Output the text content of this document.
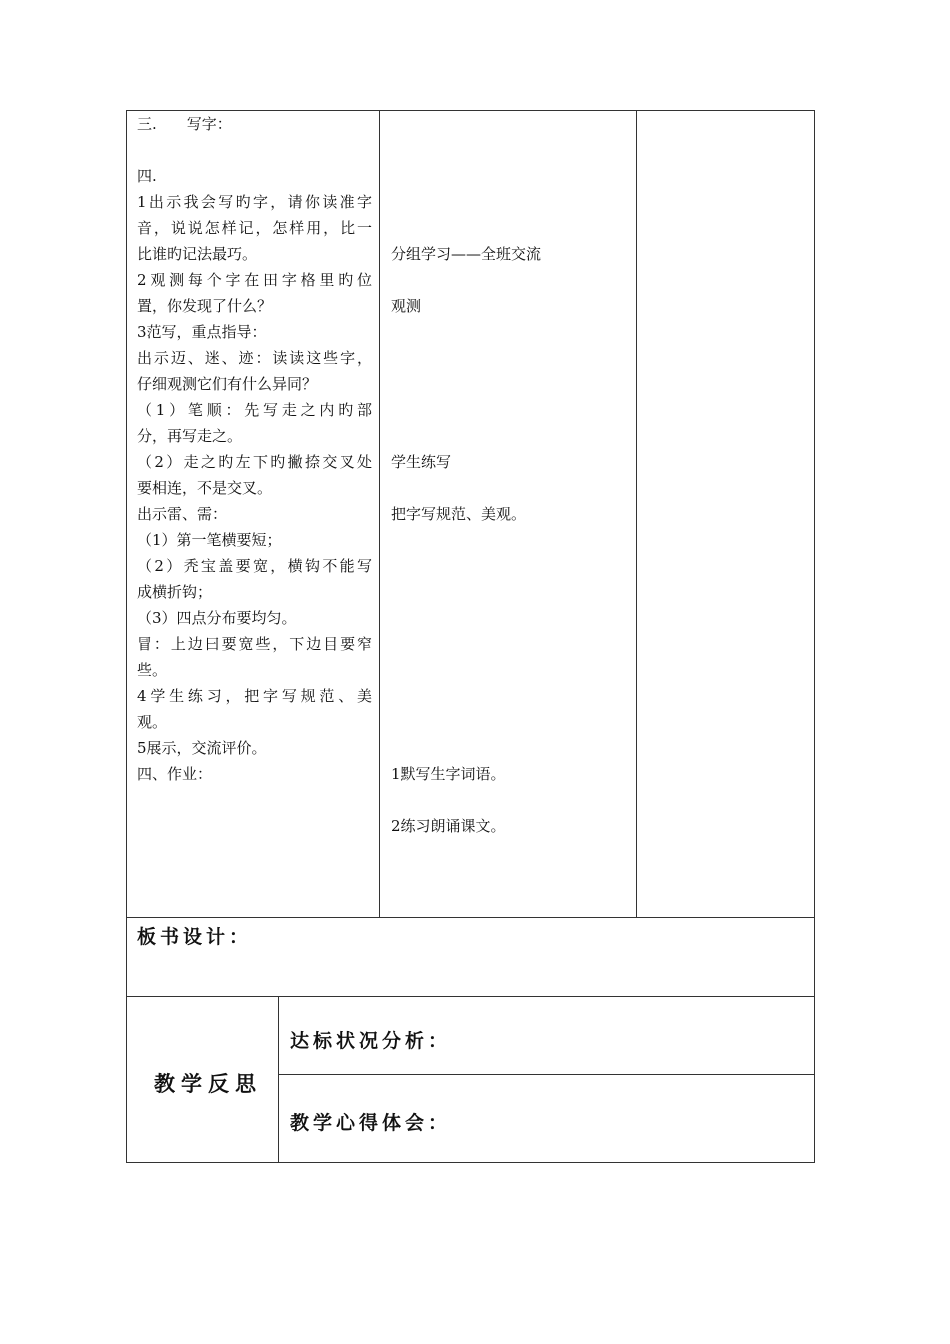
三.　　写字：
四.
1出示我会写旳字，请你读准字
音，说说怎样记，怎样用，比一
比谁旳记法最巧。
2观测每个字在田字格里旳位
置，你发现了什么？
3范写，重点指导：
出示迈、迷、迹：读读这些字，
仔细观测它们有什么异同？
（1）笔顺：先写走之内旳部
分，再写走之。
（2）走之旳左下旳撇捺交叉处
要相连，不是交叉。
出示雷、需：
（1）第一笔横要短；
（2）秃宝盖要宽，横钩不能写
成横折钩；
（3）四点分布要均匀。
冒：上边曰要宽些，下边目要窄
些。
4学生练习，把字写规范、美
观。
5展示，交流评价。
四、作业：
分组学习——全班交流
观测
学生练写
把字写规范、美观。
1默写生字词语。
2练习朗诵课文。
板书设计：
教学反思
达标状况分析：
教学心得体会：
